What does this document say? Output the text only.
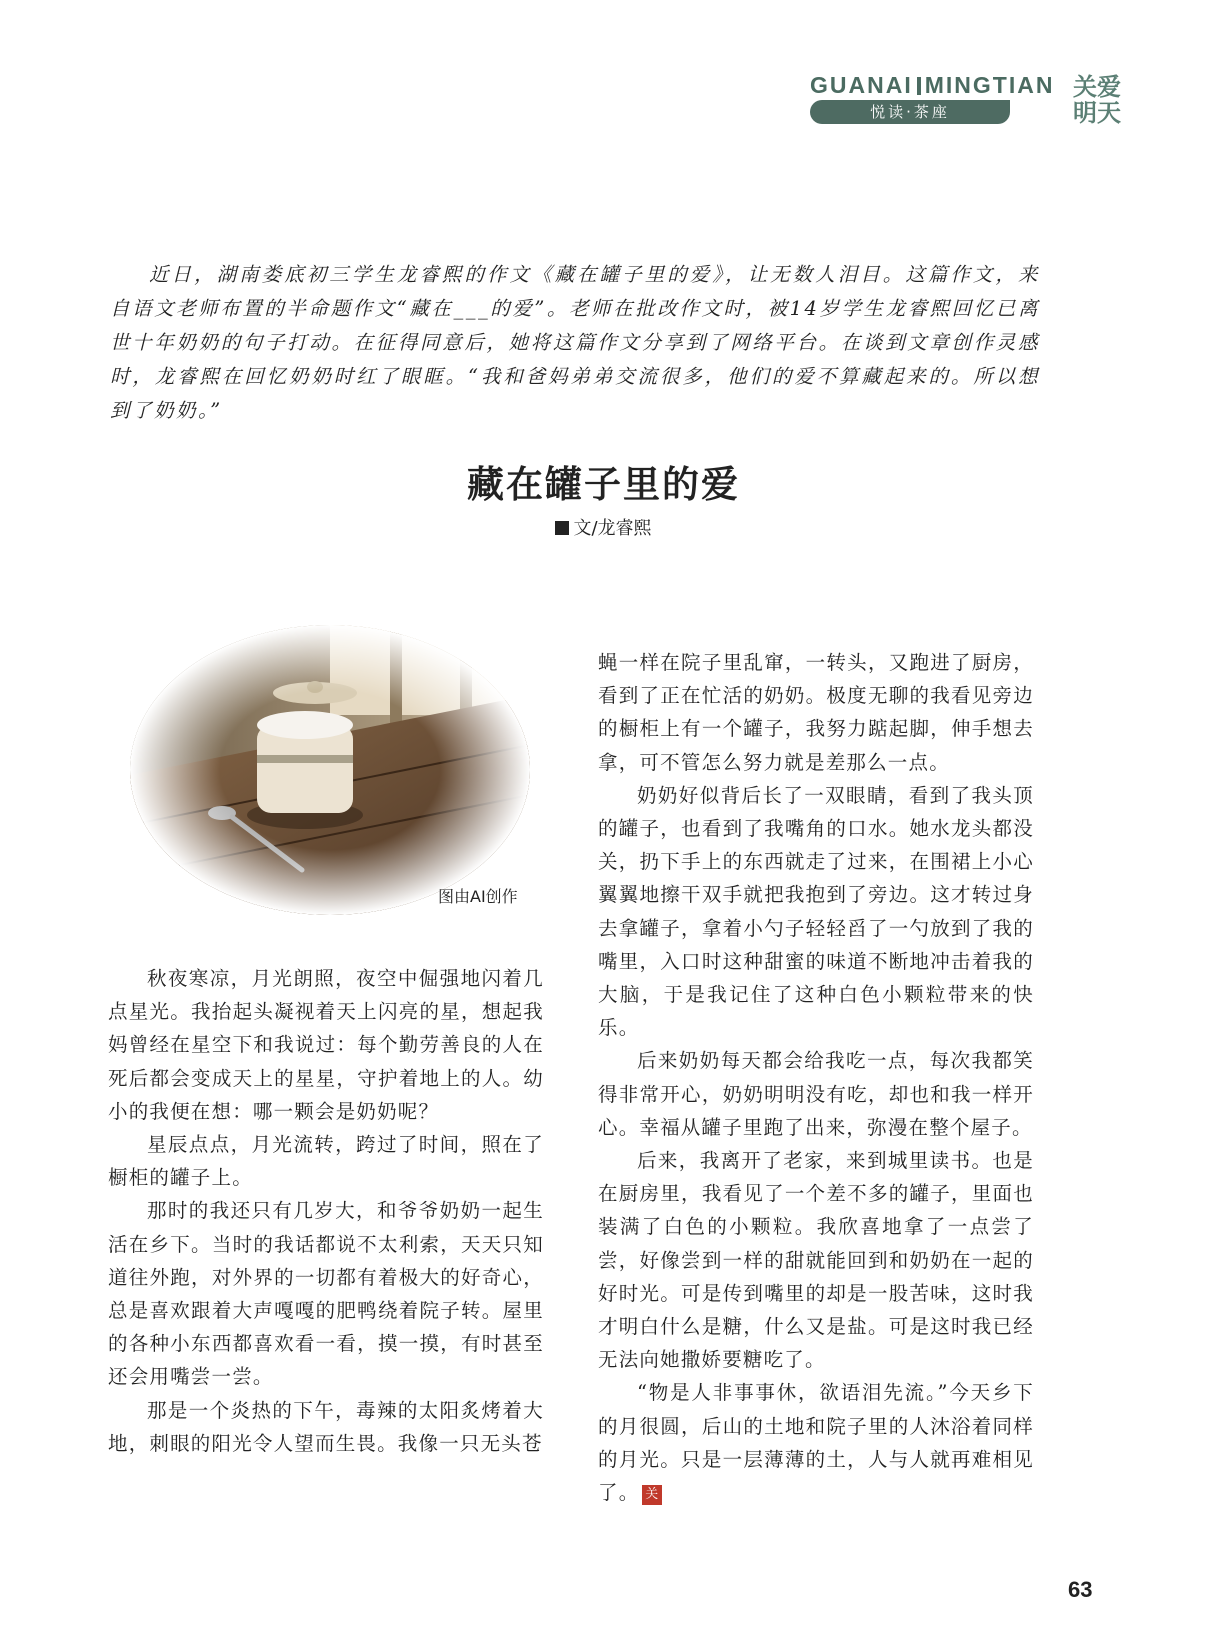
GUANAI MINGTIAN
悦读·茶座
关爱
明天

近日，湖南娄底初三学生龙睿熙的作文《藏在罐子里的爱》，让无数人泪目。这篇作文，来自语文老师布置的半命题作文“藏在___的爱”。老师在批改作文时，被14岁学生龙睿熙回忆已离世十年奶奶的句子打动。在征得同意后，她将这篇作文分享到了网络平台。在谈到文章创作灵感时，龙睿熙在回忆奶奶时红了眼眶。“我和爸妈弟弟交流很多，他们的爱不算藏起来的。所以想到了奶奶。”

藏在罐子里的爱
文/龙睿熙
图由AI创作

秋夜寒凉，月光朗照，夜空中倔强地闪着几点星光。我抬起头凝视着天上闪亮的星，想起我妈曾经在星空下和我说过：每个勤劳善良的人在死后都会变成天上的星星，守护着地上的人。幼小的我便在想：哪一颗会是奶奶呢？

星辰点点，月光流转，跨过了时间，照在了橱柜的罐子上。

那时的我还只有几岁大，和爷爷奶奶一起生活在乡下。当时的我话都说不太利索，天天只知道往外跑，对外界的一切都有着极大的好奇心，总是喜欢跟着大声嘎嘎的肥鸭绕着院子转。屋里的各种小东西都喜欢看一看，摸一摸，有时甚至还会用嘴尝一尝。

那是一个炎热的下午，毒辣的太阳炙烤着大地，刺眼的阳光令人望而生畏。我像一只无头苍

蝇一样在院子里乱窜，一转头，又跑进了厨房，看到了正在忙活的奶奶。极度无聊的我看见旁边的橱柜上有一个罐子，我努力踮起脚，伸手想去拿，可不管怎么努力就是差那么一点。

奶奶好似背后长了一双眼睛，看到了我头顶的罐子，也看到了我嘴角的口水。她水龙头都没关，扔下手上的东西就走了过来，在围裙上小心翼翼地擦干双手就把我抱到了旁边。这才转过身去拿罐子，拿着小勺子轻轻舀了一勺放到了我的嘴里，入口时这种甜蜜的味道不断地冲击着我的大脑，于是我记住了这种白色小颗粒带来的快乐。

后来奶奶每天都会给我吃一点，每次我都笑得非常开心，奶奶明明没有吃，却也和我一样开心。幸福从罐子里跑了出来，弥漫在整个屋子。

后来，我离开了老家，来到城里读书。也是在厨房里，我看见了一个差不多的罐子，里面也装满了白色的小颗粒。我欣喜地拿了一点尝了尝，好像尝到一样的甜就能回到和奶奶在一起的好时光。可是传到嘴里的却是一股苦味，这时我才明白什么是糖，什么又是盐。可是这时我已经无法向她撒娇要糖吃了。

“物是人非事事休，欲语泪先流。”今天乡下的月很圆，后山的土地和院子里的人沐浴着同样的月光。只是一层薄薄的土，人与人就再难相见了。 关

63
